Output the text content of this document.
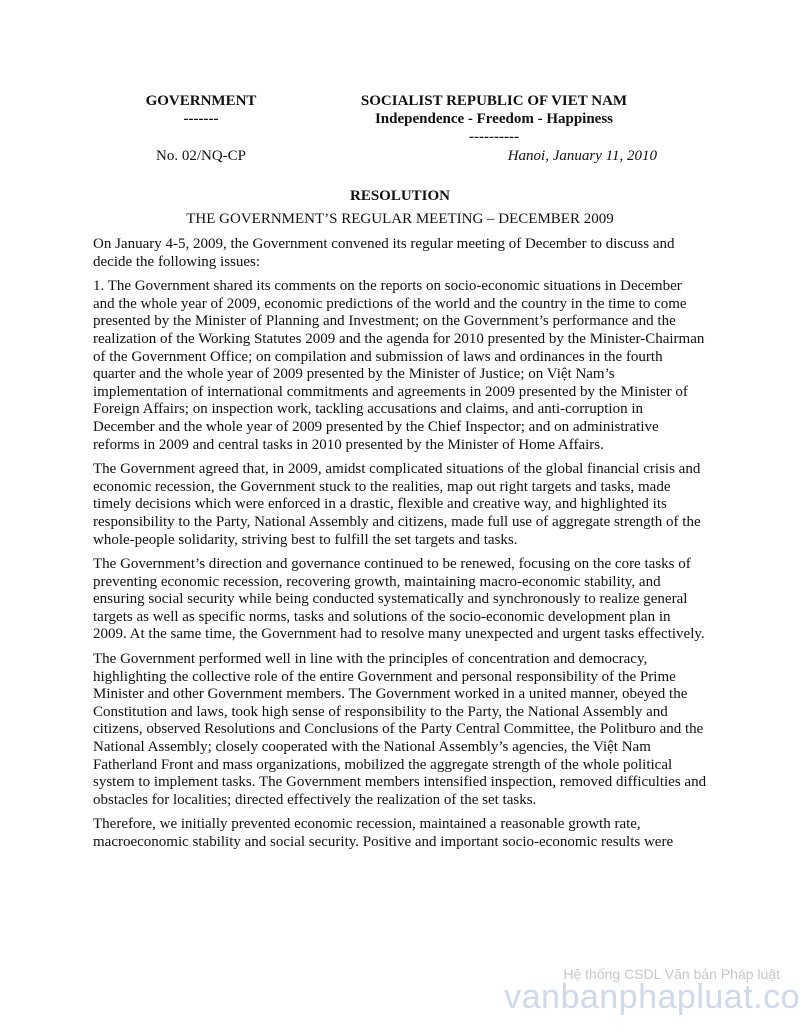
GOVERNMENT
-------
SOCIALIST REPUBLIC OF VIET NAM
Independence - Freedom - Happiness
----------
No. 02/NQ-CP	Hanoi, January 11, 2010
RESOLUTION
THE GOVERNMENT’S REGULAR MEETING – DECEMBER 2009

On January 4-5, 2009, the Government convened its regular meeting of December to discuss and decide the following issues:

1. The Government shared its comments on the reports on socio-economic situations in December and the whole year of 2009, economic predictions of the world and the country in the time to come presented by the Minister of Planning and Investment; on the Government’s performance and the realization of the Working Statutes 2009 and the agenda for 2010 presented by the Minister-Chairman of the Government Office; on compilation and submission of laws and ordinances in the fourth quarter and the whole year of 2009 presented by the Minister of Justice; on Việt Nam’s implementation of international commitments and agreements in 2009 presented by the Minister of Foreign Affairs; on inspection work, tackling accusations and claims, and anti-corruption in December and the whole year of 2009 presented by the Chief Inspector; and on administrative reforms in 2009 and central tasks in 2010 presented by the Minister of Home Affairs.

The Government agreed that, in 2009, amidst complicated situations of the global financial crisis and economic recession, the Government stuck to the realities, map out right targets and tasks, made timely decisions which were enforced in a drastic, flexible and creative way, and highlighted its responsibility to the Party, National Assembly and citizens, made full use of aggregate strength of the whole-people solidarity, striving best to fulfill the set targets and tasks.

The Government’s direction and governance continued to be renewed, focusing on the core tasks of preventing economic recession, recovering growth, maintaining macro-economic stability, and ensuring social security while being conducted systematically and synchronously to realize general targets as well as specific norms, tasks and solutions of the socio-economic development plan in 2009. At the same time, the Government had to resolve many unexpected and urgent tasks effectively.

The Government performed well in line with the principles of concentration and democracy, highlighting the collective role of the entire Government and personal responsibility of the Prime Minister and other Government members. The Government worked in a united manner, obeyed the Constitution and laws, took high sense of responsibility to the Party, the National Assembly and citizens, observed Resolutions and Conclusions of the Party Central Committee, the Politburo and the National Assembly; closely cooperated with the National Assembly’s agencies, the Việt Nam Fatherland Front and mass organizations, mobilized the aggregate strength of the whole political system to implement tasks. The Government members intensified inspection, removed difficulties and obstacles for localities; directed effectively the realization of the set tasks.

Therefore, we initially prevented economic recession, maintained a reasonable growth rate, macroeconomic stability and social security. Positive and important socio-economic results were

Hệ thống CSDL Văn bản Pháp luật
vanbanphapluat.co
